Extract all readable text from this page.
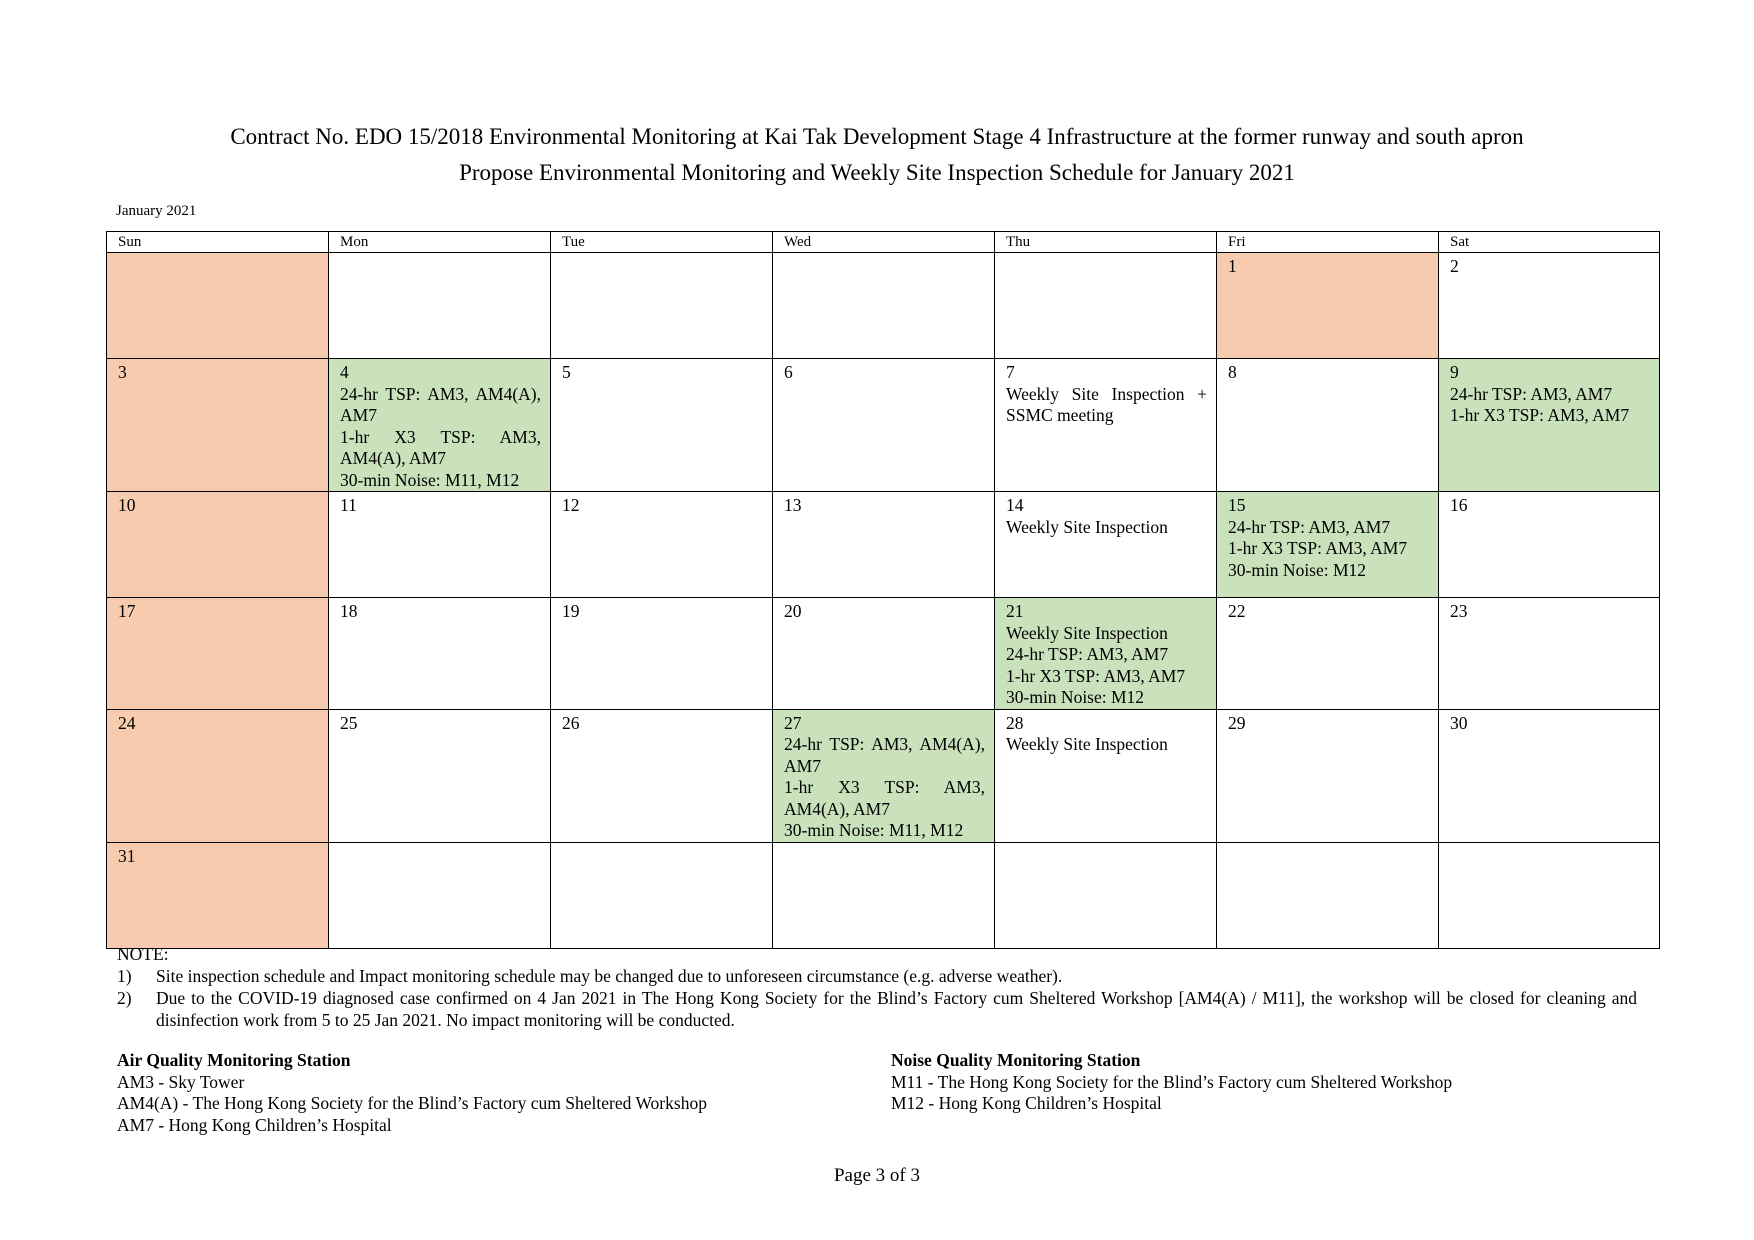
Contract No. EDO 15/2018 Environmental Monitoring at Kai Tak Development Stage 4 Infrastructure at the former runway and south apron
Propose Environmental Monitoring and Weekly Site Inspection Schedule for January 2021
January 2021
Sun	Mon	Tue	Wed	Thu	Fri	Sat

					1	2

3	4
24-hr TSP: AM3, AM4(A), AM7
1-hr X3 TSP: AM3, AM4(A), AM7
30-min Noise: M11, M12	5	6	7
Weekly Site Inspection + SSMC meeting	8	9
24-hr TSP: AM3, AM7
1-hr X3 TSP: AM3, AM7

10	11	12	13	14
Weekly Site Inspection	15
24-hr TSP: AM3, AM7
1-hr X3 TSP: AM3, AM7
30-min Noise: M12	16

17	18	19	20	21
Weekly Site Inspection
24-hr TSP: AM3, AM7
1-hr X3 TSP: AM3, AM7
30-min Noise: M12	22	23

24	25	26	27
24-hr TSP: AM3, AM4(A), AM7
1-hr X3 TSP: AM3, AM4(A), AM7
30-min Noise: M11, M12	28
Weekly Site Inspection	29	30

31						

NOTE:
1) Site inspection schedule and Impact monitoring schedule may be changed due to unforeseen circumstance (e.g. adverse weather).
2) Due to the COVID-19 diagnosed case confirmed on 4 Jan 2021 in The Hong Kong Society for the Blind’s Factory cum Sheltered Workshop [AM4(A) / M11], the workshop will be closed for cleaning and disinfection work from 5 to 25 Jan 2021. No impact monitoring will be conducted.
Air Quality Monitoring Station
AM3 - Sky Tower
AM4(A) - The Hong Kong Society for the Blind’s Factory cum Sheltered Workshop
AM7 - Hong Kong Children’s Hospital
Noise Quality Monitoring Station
M11 - The Hong Kong Society for the Blind’s Factory cum Sheltered Workshop
M12 - Hong Kong Children’s Hospital
Page 3 of 3
